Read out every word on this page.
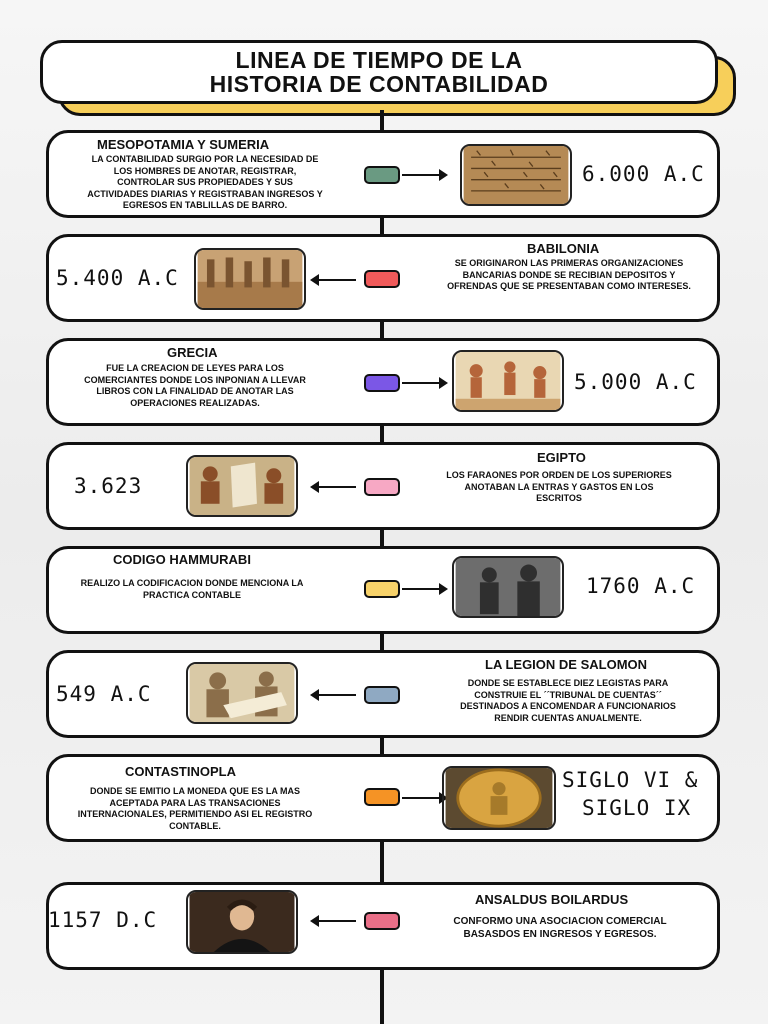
LINEA DE TIEMPO DE LA
HISTORIA DE CONTABILIDAD
MESOPOTAMIA Y SUMERIA
LA CONTABILIDAD SURGIO POR LA NECESIDAD DE LOS HOMBRES DE ANOTAR, REGISTRAR, CONTROLAR SUS PROPIEDADES Y SUS ACTIVIDADES DIARIAS Y REGISTRABAN INGRESOS Y EGRESOS EN TABLILLAS DE BARRO.
6.000 A.C
BABILONIA
SE ORIGINARON LAS PRIMERAS ORGANIZACIONES BANCARIAS DONDE SE RECIBIAN DEPOSITOS Y OFRENDAS QUE SE PRESENTABAN COMO INTERESES.
5.400 A.C
GRECIA
FUE LA CREACION DE LEYES PARA LOS COMERCIANTES DONDE LOS INPONIAN A LLEVAR LIBROS CON LA FINALIDAD DE ANOTAR LAS OPERACIONES REALIZADAS.
5.000 A.C
EGIPTO
LOS FARAONES POR ORDEN DE LOS SUPERIORES ANOTABAN LA ENTRAS Y GASTOS EN LOS ESCRITOS
3.623
CODIGO HAMMURABI
REALIZO LA CODIFICACION DONDE MENCIONA LA PRACTICA CONTABLE	1760 A.C
LA LEGION DE SALOMON
DONDE SE ESTABLECE DIEZ LEGISTAS PARA CONSTRUIE EL ´´TRIBUNAL DE CUENTAS´´ DESTINADOS A ENCOMENDAR A FUNCIONARIOS RENDIR CUENTAS ANUALMENTE.
549 A.C
CONTASTINOPLA
DONDE SE EMITIO LA MONEDA QUE ES LA MAS ACEPTADA PARA LAS TRANSACIONES INTERNACIONALES, PERMITIENDO ASI EL REGISTRO CONTABLE.
SIGLO VI &
SIGLO IX
ANSALDUS BOILARDUS
CONFORMO UNA ASOCIACION COMERCIAL BASASDOS EN INGRESOS Y EGRESOS.
1157 D.C
